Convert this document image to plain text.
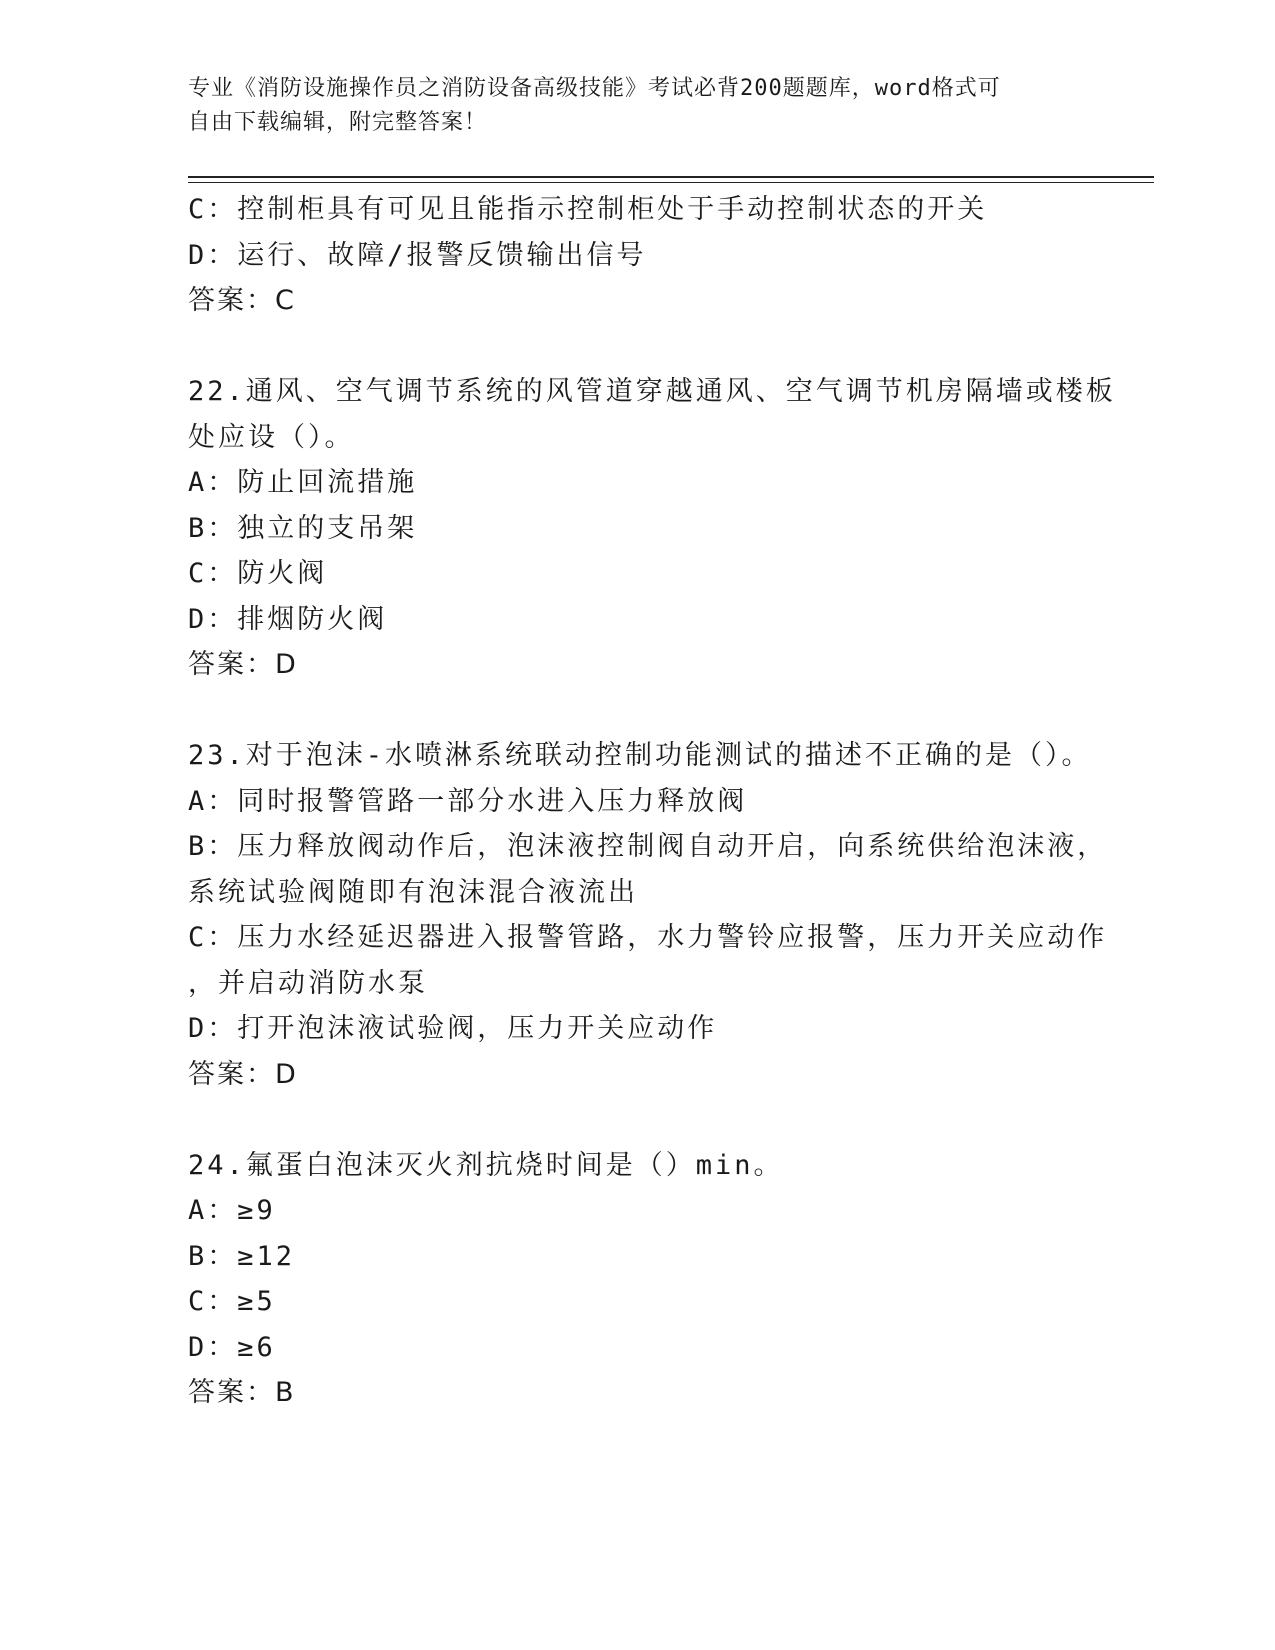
专业《消防设施操作员之消防设备高级技能》考试必背200题题库，word格式可
自由下载编辑，附完整答案！
C：控制柜具有可见且能指示控制柜处于手动控制状态的开关
D：运行、故障/报警反馈输出信号
答案：C
22.通风、空气调节系统的风管道穿越通风、空气调节机房隔墙或楼板
处应设（）。
A：防止回流措施
B：独立的支吊架
C：防火阀
D：排烟防火阀
答案：D
23.对于泡沫-水喷淋系统联动控制功能测试的描述不正确的是（）。
A：同时报警管路一部分水进入压力释放阀
B：压力释放阀动作后，泡沫液控制阀自动开启，向系统供给泡沫液，
系统试验阀随即有泡沫混合液流出
C：压力水经延迟器进入报警管路，水力警铃应报警，压力开关应动作
，并启动消防水泵
D：打开泡沫液试验阀，压力开关应动作
答案：D
24.氟蛋白泡沫灭火剂抗烧时间是（）min。
A：≥9
B：≥12
C：≥5
D：≥6
答案：B
